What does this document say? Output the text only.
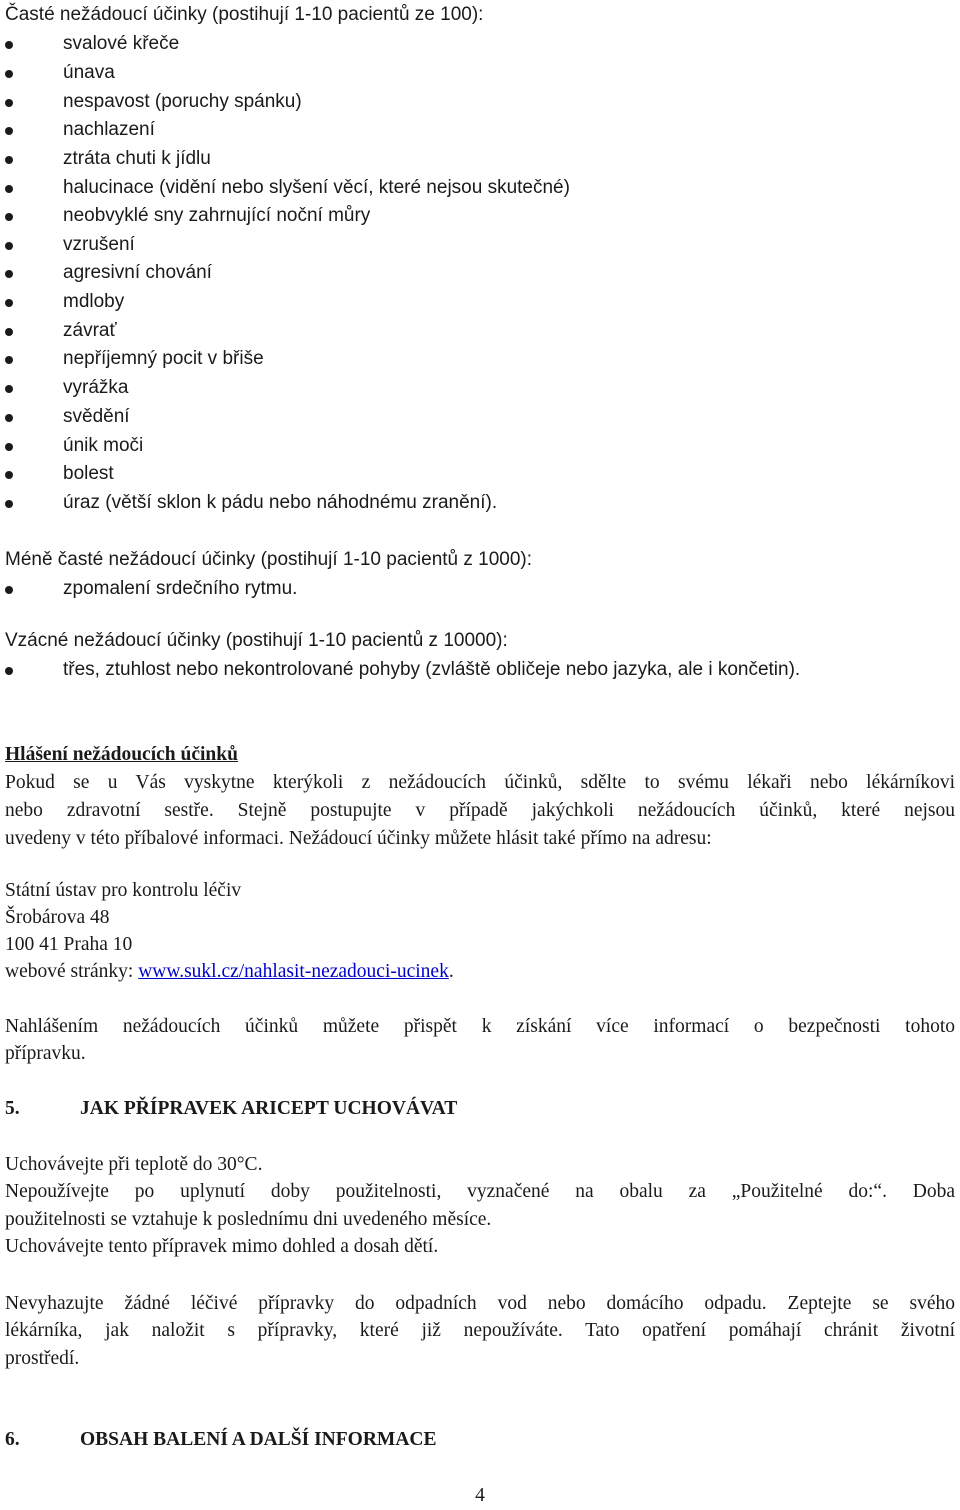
Časté nežádoucí účinky (postihují 1-10 pacientů ze 100):
svalové křeče
únava
nespavost (poruchy spánku)
nachlazení
ztráta chuti k jídlu
halucinace (vidění nebo slyšení věcí, které nejsou skutečné)
neobvyklé sny zahrnující noční můry
vzrušení
agresivní chování
mdloby
závrať
nepříjemný pocit v břiše
vyrážka
svědění
únik moči
bolest
úraz (větší sklon k pádu nebo náhodnému zranění).
Méně časté nežádoucí účinky (postihují 1-10 pacientů z 1000):
zpomalení srdečního rytmu.
Vzácné nežádoucí účinky (postihují 1-10 pacientů z 10000):
třes, ztuhlost nebo nekontrolované pohyby (zvláště obličeje nebo jazyka, ale i končetin).
Hlášení nežádoucích účinků
Pokud se u Vás vyskytne kterýkoli z nežádoucích účinků, sdělte to svému lékaři nebo lékárníkovi
nebo zdravotní sestře. Stejně postupujte v případě jakýchkoli nežádoucích účinků, které nejsou
uvedeny v této příbalové informaci. Nežádoucí účinky můžete hlásit také přímo na adresu:
Státní ústav pro kontrolu léčiv
Šrobárova 48
100 41 Praha 10
webové stránky: www.sukl.cz/nahlasit-nezadouci-ucinek.
Nahlášením nežádoucích účinků můžete přispět k získání více informací o bezpečnosti tohoto
přípravku.
5.	JAK PŘÍPRAVEK ARICEPT UCHOVÁVAT
Uchovávejte při teplotě do 30°C.
Nepoužívejte po uplynutí doby použitelnosti, vyznačené na obalu za „Použitelné do:“. Doba
použitelnosti se vztahuje k poslednímu dni uvedeného měsíce.
Uchovávejte tento přípravek mimo dohled a dosah dětí.
Nevyhazujte žádné léčivé přípravky do odpadních vod nebo domácího odpadu. Zeptejte se svého
lékárníka, jak naložit s přípravky, které již nepoužíváte. Tato opatření pomáhají chránit životní
prostředí.
6.	OBSAH BALENÍ A DALŠÍ INFORMACE
4
